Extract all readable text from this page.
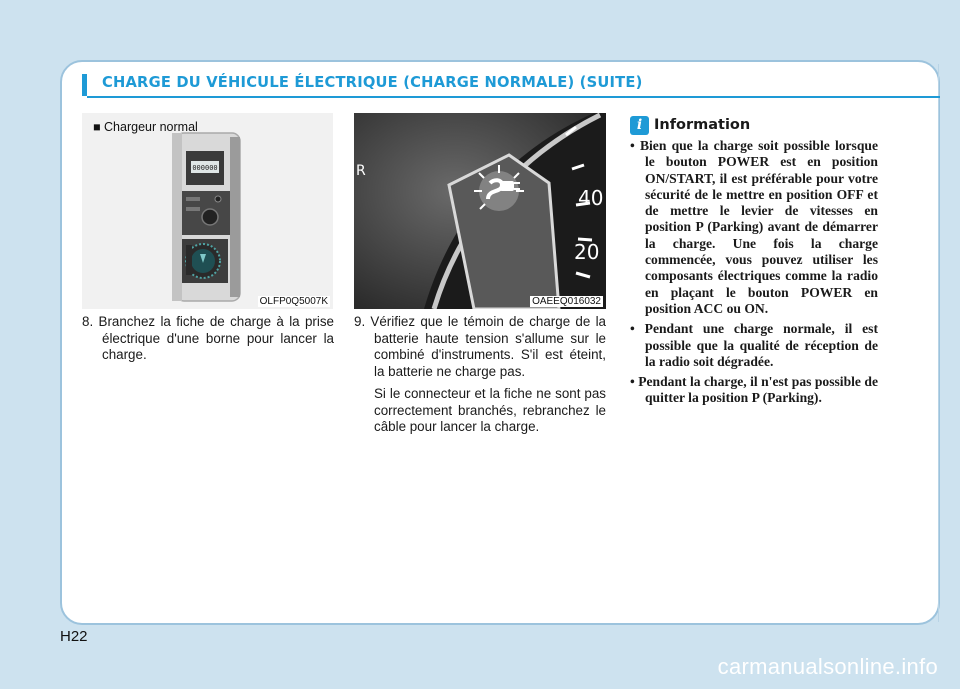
CHARGE DU VÉHICULE ÉLECTRIQUE (CHARGE NORMALE) (SUITE)
000000
■ Chargeur normal
OLFP0Q5007K
R
40
20
OAEEQ016032

8. Branchez la fiche de charge à la prise électrique d'une borne pour lancer la charge.

9. Vérifiez que le témoin de charge de la batterie haute tension s'allume sur le combiné d'instruments. S'il est éteint, la batterie ne charge pas.

Si le connecteur et la fiche ne sont pas correctement branchés, rebranchez le câble pour lancer la charge.

i Information
• Bien que la charge soit possible lorsque le bouton POWER est en position ON/START, il est préférable pour votre sécurité de le mettre en position OFF et de mettre le levier de vitesses en position P (Parking) avant de démarrer la charge. Une fois la charge commencée, vous pouvez utiliser les composants électriques comme la radio en plaçant le bouton POWER en position ACC ou ON.
• Pendant une charge normale, il est possible que la qualité de réception de la radio soit dégradée.
• Pendant la charge, il n'est pas possible de quitter la position P (Parking).
H22
carmanualsonline.info
